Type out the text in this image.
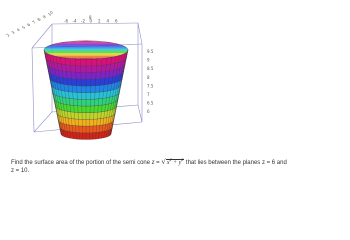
2 3 4 5 6 7 8 9 10
-6 -4 -2 0 2 4 6
9.5
9
8.5
8
7.5
7
6.5
6
8
Find the surface area of the portion of the semi cone $z = √x^2 + y^2$ that lies between the planes z = 6 and
z = 10.
